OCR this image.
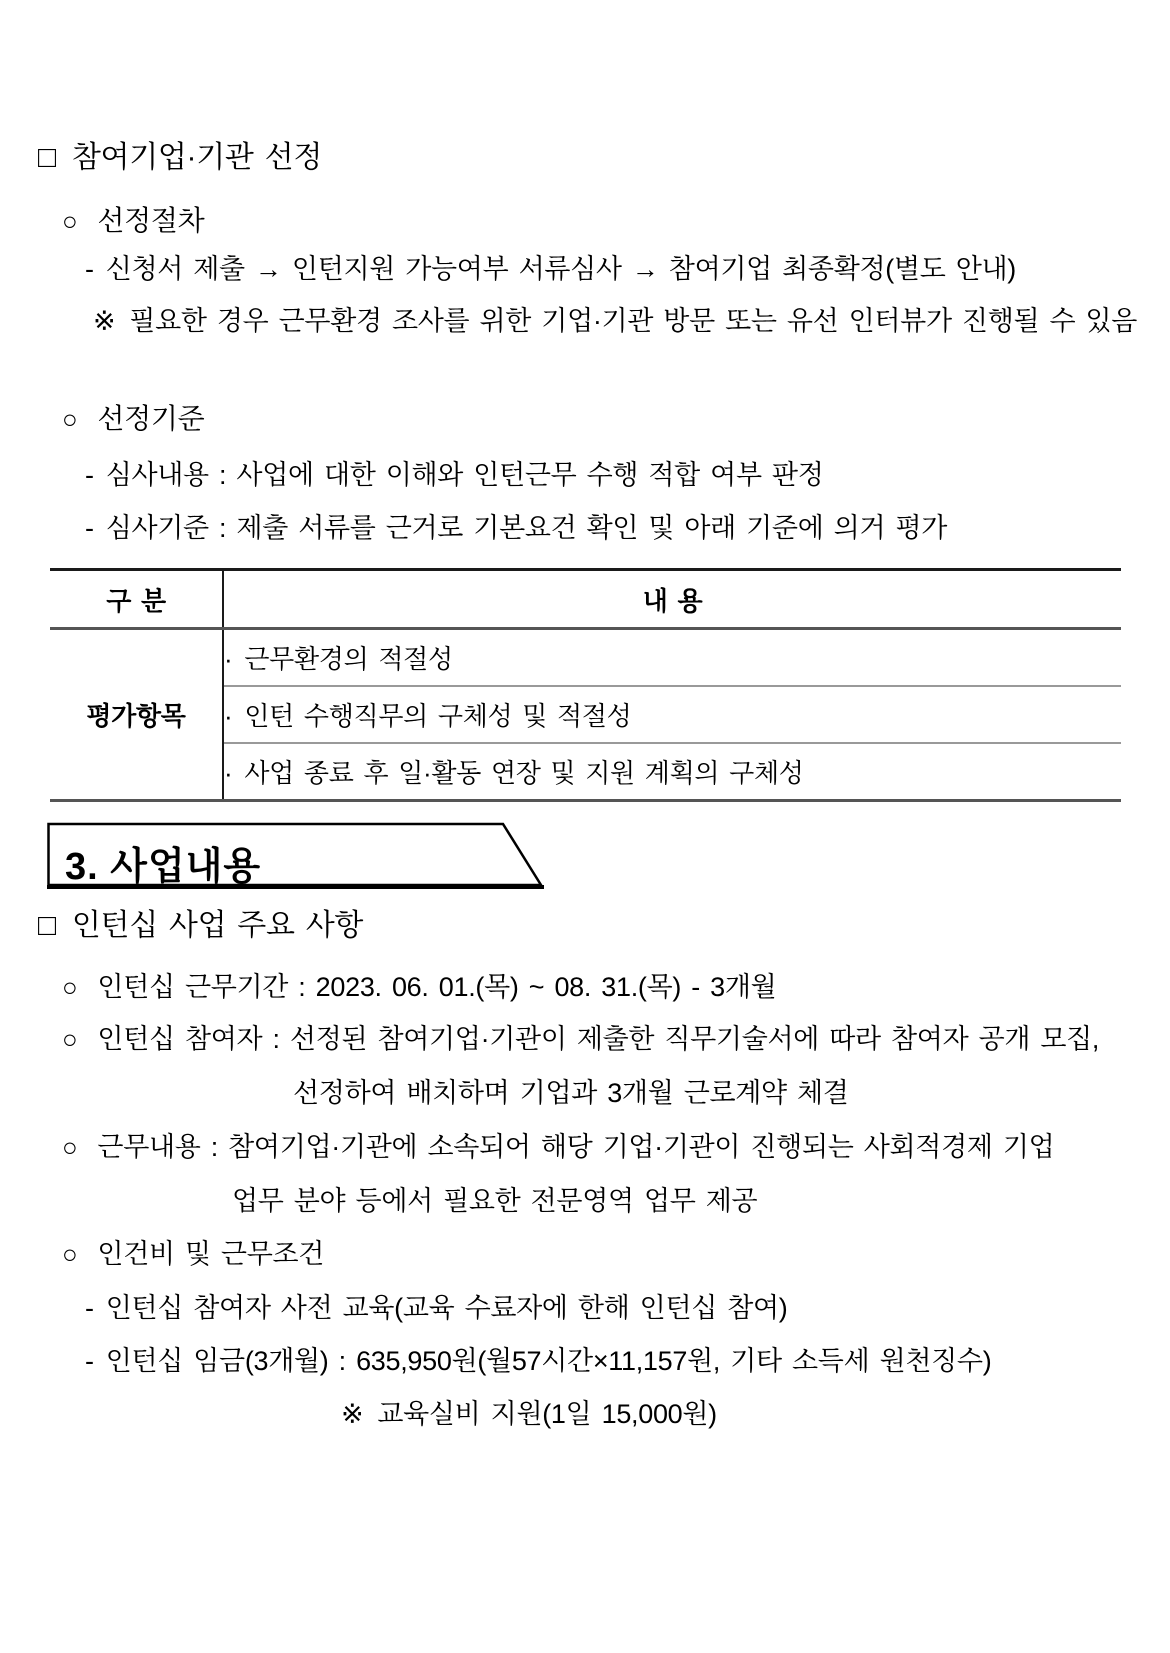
□ 참여기업·기관 선정
○ 선정절차
- 신청서 제출 → 인턴지원 가능여부 서류심사 → 참여기업 최종확정(별도 안내)
※ 필요한 경우 근무환경 조사를 위한 기업·기관 방문 또는 유선 인터뷰가 진행될 수 있음
○ 선정기준
- 심사내용 : 사업에 대한 이해와 인턴근무 수행 적합 여부 판정
- 심사기준 : 제출 서류를 근거로 기본요건 확인 및 아래 기준에 의거 평가
구 분	내 용
평가항목	· 근무환경의 적절성
	· 인턴 수행직무의 구체성 및 적절성
	· 사업 종료 후 일·활동 연장 및 지원 계획의 구체성
3. 사업내용
□ 인턴십 사업 주요 사항
○ 인턴십 근무기간 : 2023. 06. 01.(목) ~ 08. 31.(목) - 3개월
○ 인턴십 참여자 : 선정된 참여기업·기관이 제출한 직무기술서에 따라 참여자 공개 모집,
선정하여 배치하며 기업과 3개월 근로계약 체결
○ 근무내용 : 참여기업·기관에 소속되어 해당 기업·기관이 진행되는 사회적경제 기업
업무 분야 등에서 필요한 전문영역 업무 제공
○ 인건비 및 근무조건
- 인턴십 참여자 사전 교육(교육 수료자에 한해 인턴십 참여)
- 인턴십 임금(3개월) : 635,950원(월57시간×11,157원, 기타 소득세 원천징수)
※ 교육실비 지원(1일 15,000원)
